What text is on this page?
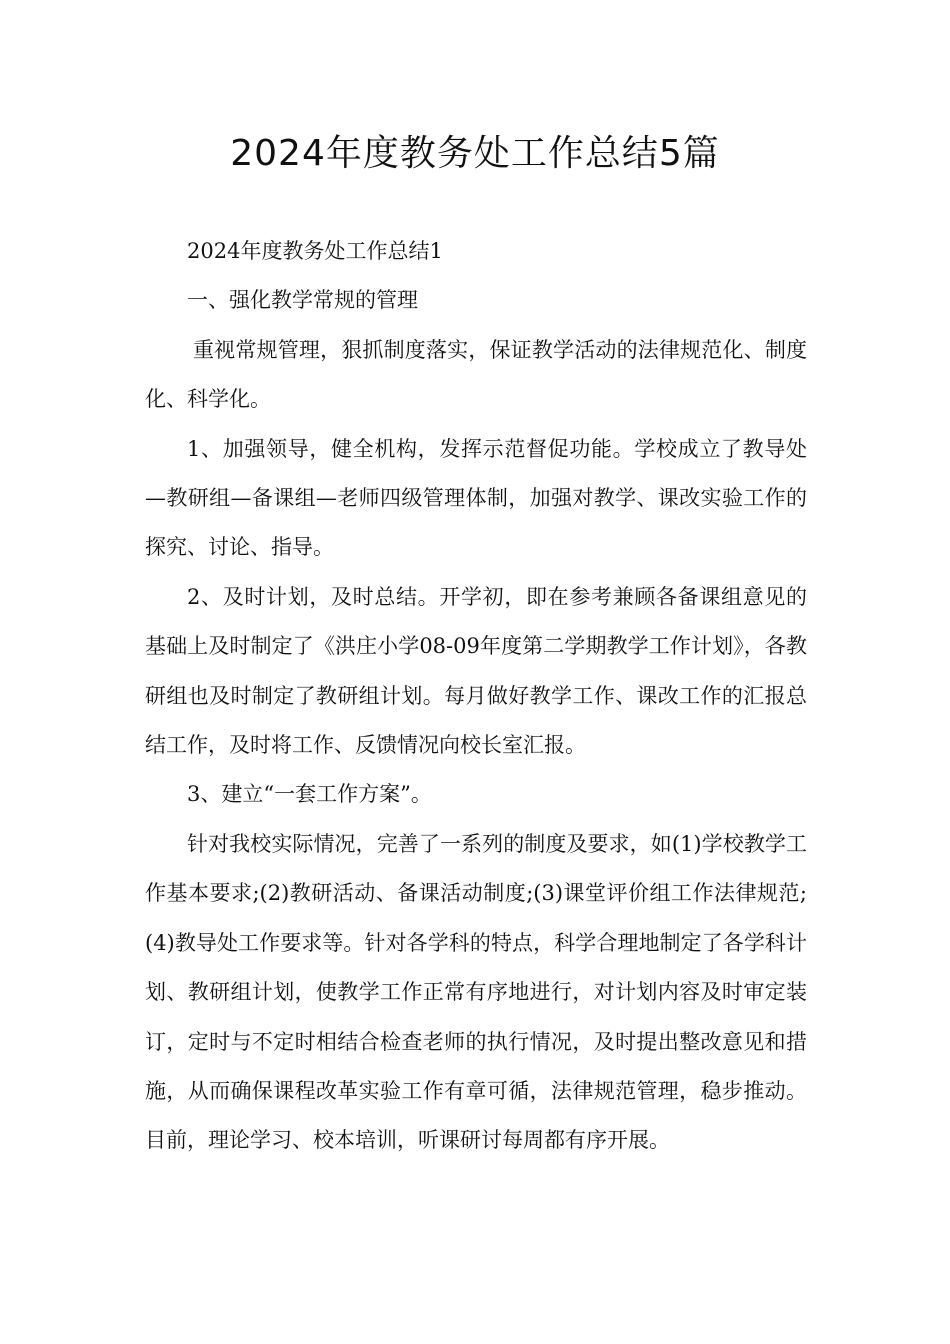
2024年度教务处工作总结5篇

2024年度教务处工作总结1

一、强化教学常规的管理

重视常规管理，狠抓制度落实，保证教学活动的法律规范化、制度化、科学化。

1、加强领导，健全机构，发挥示范督促功能。学校成立了教导处—教研组—备课组—老师四级管理体制，加强对教学、课改实验工作的探究、讨论、指导。

2、及时计划，及时总结。开学初，即在参考兼顾各备课组意见的基础上及时制定了《洪庄小学08-09年度第二学期教学工作计划》，各教研组也及时制定了教研组计划。每月做好教学工作、课改工作的汇报总结工作，及时将工作、反馈情况向校长室汇报。

3、建立“一套工作方案”。

针对我校实际情况，完善了一系列的制度及要求，如(1)学校教学工作基本要求;(2)教研活动、备课活动制度;(3)课堂评价组工作法律规范;(4)教导处工作要求等。针对各学科的特点，科学合理地制定了各学科计划、教研组计划，使教学工作正常有序地进行，对计划内容及时审定装订，定时与不定时相结合检查老师的执行情况，及时提出整改意见和措施，从而确保课程改革实验工作有章可循，法律规范管理，稳步推动。目前，理论学习、校本培训，听课研讨每周都有序开展。
